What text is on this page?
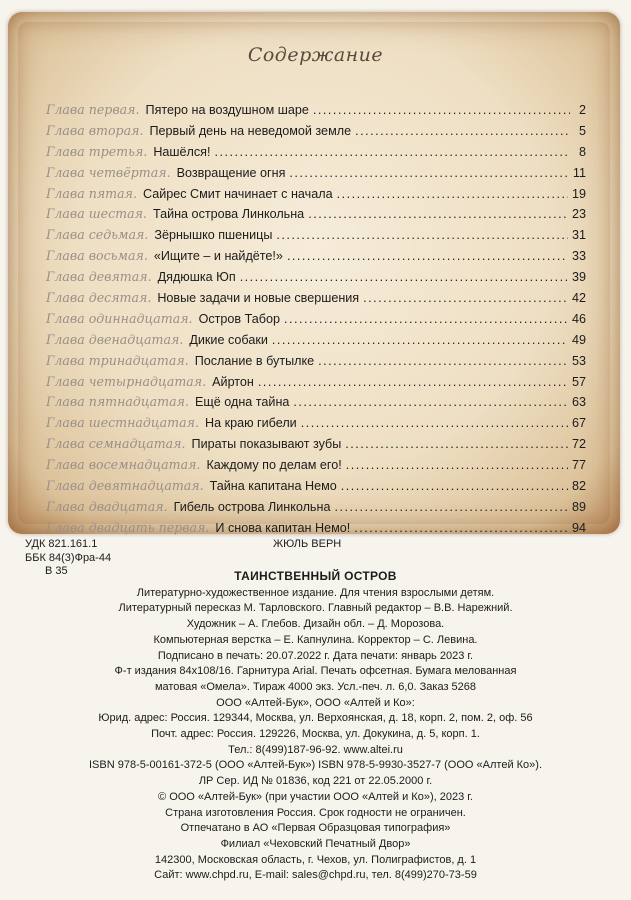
Содержание
Глава первая. Пятеро на воздушном шаре .....	2
Глава вторая. Первый день на неведомой земле .....	5
Глава третья. Нашёлся! .....	8
Глава четвёртая. Возвращение огня .....	11
Глава пятая. Сайрес Смит начинает с начала .....	19
Глава шестая. Тайна острова Линкольна .....	23
Глава седьмая. Зёрнышко пшеницы .....	31
Глава восьмая. «Ищите – и найдёте!» .....	33
Глава девятая. Дядюшка Юп .....	39
Глава десятая. Новые задачи и новые свершения .....	42
Глава одиннадцатая. Остров Табор .....	46
Глава двенадцатая. Дикие собаки .....	49
Глава тринадцатая. Послание в бутылке .....	53
Глава четырнадцатая. Айртон .....	57
Глава пятнадцатая. Ещё одна тайна .....	63
Глава шестнадцатая. На краю гибели .....	67
Глава семнадцатая. Пираты показывают зубы .....	72
Глава восемнадцатая. Каждому по делам его! .....	77
Глава девятнадцатая. Тайна капитана Немо .....	82
Глава двадцатая. Гибель острова Линкольна .....	89
Глава двадцать первая. И снова капитан Немо! .....	94
УДК 821.161.1
ББК 84(3)Фра-44
В 35
ЖЮЛЬ ВЕРН
ТАИНСТВЕННЫЙ ОСТРОВ
Литературно-художественное издание. Для чтения взрослыми детям.
Литературный пересказ М. Тарловского. Главный редактор – В.В. Нарежний.
Художник – А. Глебов. Дизайн обл. – Д. Морозова.
Компьютерная верстка – Е. Капнулина. Корректор – С. Левина.
Подписано в печать: 20.07.2022 г. Дата печати: январь 2023 г.
Ф-т издания 84x108/16. Гарнитура Arial. Печать офсетная. Бумага мелованная
матовая «Омела». Тираж 4000 экз. Усл.-печ. л. 6,0. Заказ 5268
ООО «Алтей-Бук», ООО «Алтей и Ко»:
Юрид. адрес: Россия. 129344, Москва, ул. Верхоянская, д. 18, корп. 2, пом. 2, оф. 56
Почт. адрес: Россия. 129226, Москва, ул. Докукина, д. 5, корп. 1.
Тел.: 8(499)187-96-92. www.altei.ru
ISBN 978-5-00161-372-5 (ООО «Алтей-Бук») ISBN 978-5-9930-3527-7 (ООО «Алтей Ко»).
ЛР Сер. ИД № 01836, код 221 от 22.05.2000 г.
© ООО «Алтей-Бук» (при участии ООО «Алтей и Ко»), 2023 г.
Страна изготовления Россия. Срок годности не ограничен.
Отпечатано в АО «Первая Образцовая типография»
Филиал «Чеховский Печатный Двор»
142300, Московская область, г. Чехов, ул. Полиграфистов, д. 1
Сайт: www.chpd.ru, E-mail: sales@chpd.ru, тел. 8(499)270-73-59
